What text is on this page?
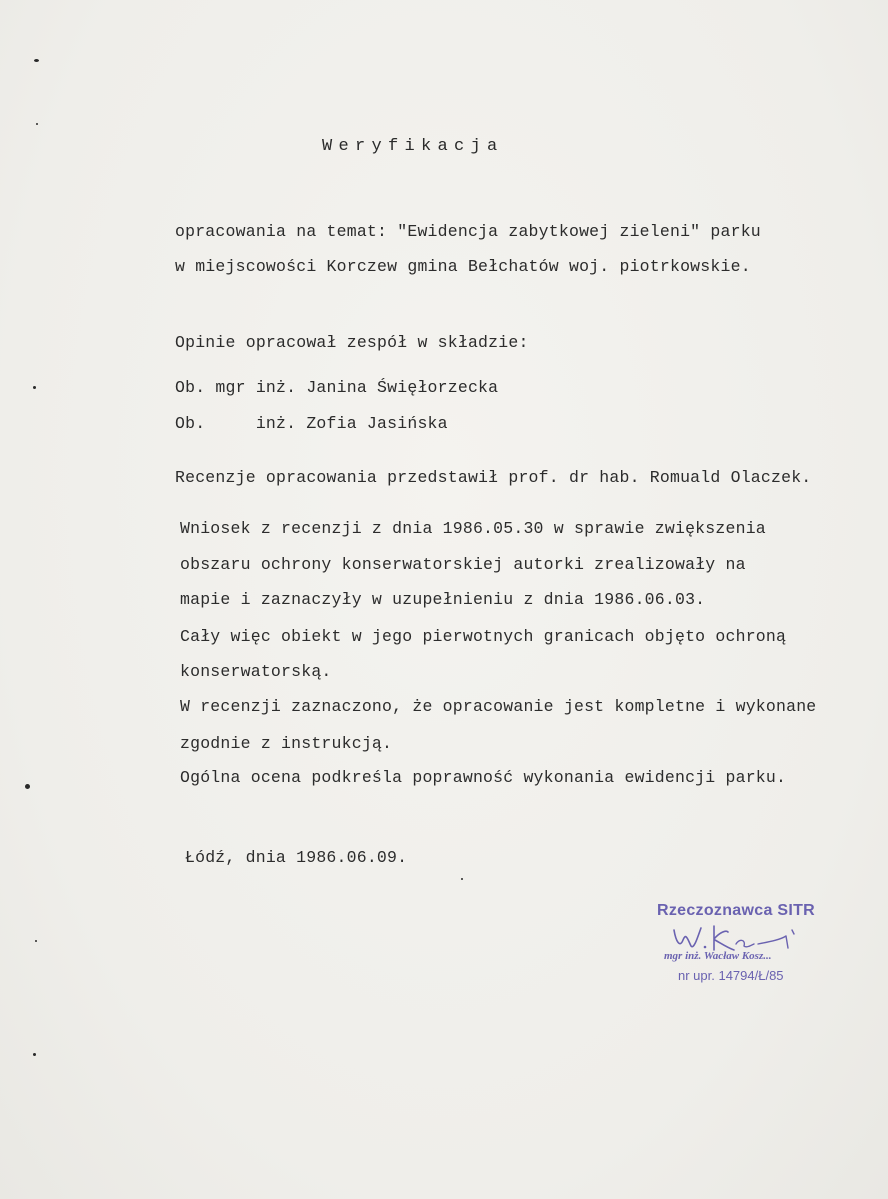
Weryfikacja
opracowania na temat: "Ewidencja zabytkowej zieleni" parku
w miejscowości Korczew gmina Bełchatów woj. piotrkowskie.
Opinie opracował zespół w składzie:
Ob. mgr inż. Janina Święłorzecka
Ob.     inż. Zofia Jasińska
Recenzje opracowania przedstawił prof. dr hab. Romuald Olaczek.
Wniosek z recenzji z dnia 1986.05.30 w sprawie zwiększenia
obszaru ochrony konserwatorskiej autorki zrealizowały na
mapie i zaznaczyły w uzupełnieniu z dnia 1986.06.03.
Cały więc obiekt w jego pierwotnych granicach objęto ochroną
konserwatorską.
W recenzji zaznaczono, że opracowanie jest kompletne i wykonane
zgodnie z instrukcją.
Ogólna ocena podkreśla poprawność wykonania ewidencji parku.
Łódź, dnia 1986.06.09.
Rzeczoznawca SITR
mgr inż. Wacław Kosz...
nr upr. 14794/Ł/85
